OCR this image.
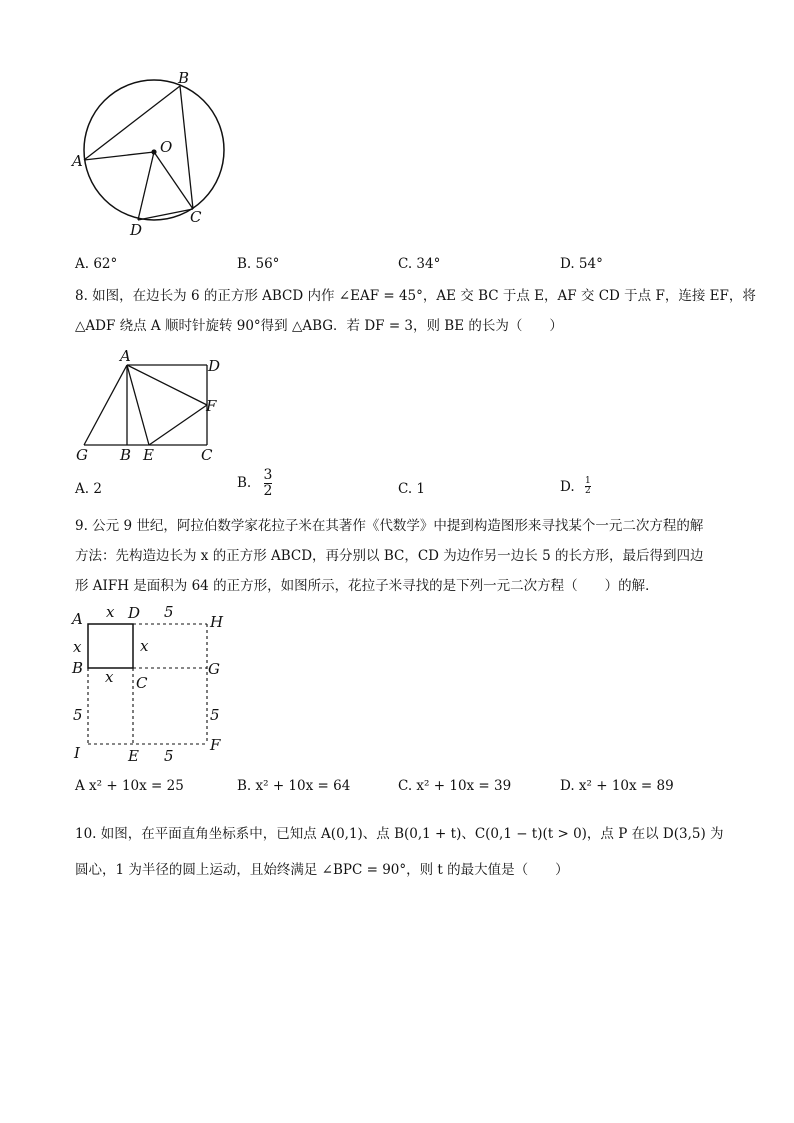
A
B
O
C
D
A. 62°	B. 56°	C. 34°	D. 54°
8. 如图，在边长为 6 的正方形 ABCD 内作 ∠EAF = 45°，AE 交 BC 于点 E，AF 交 CD 于点 F，连接 EF，将
△ADF 绕点 A 顺时针旋转 90°得到 △ABG．若 DF = 3，则 BE 的长为（　　）
A
D
F
G B E	C
A. 2	B. $\frac{3}{2}$	C. 1	D. $\frac{1}{2}$
9. 公元 9 世纪，阿拉伯数学家花拉子米在其著作《代数学》中提到构造图形来寻找某个一元二次方程的解
方法：先构造边长为 x 的正方形 ABCD，再分别以 BC，CD 为边作另一边长 5 的长方形，最后得到四边
形 AIFH 是面积为 64 的正方形，如图所示，花拉子米寻找的是下列一元二次方程（　　）的解．
A x D 5
H
x	x
B	G
x C
5	5
I	F
E 5
A x² + 10x = 25	B. x² + 10x = 64	C. x² + 10x = 39	D. x² + 10x = 89
10. 如图，在平面直角坐标系中，已知点 A(0,1)、点 B(0,1 + t)、C(0,1 − t)(t > 0)，点 P 在以 D(3,5) 为
圆心，1 为半径的圆上运动，且始终满足 ∠BPC = 90°，则 t 的最大值是（　　）
